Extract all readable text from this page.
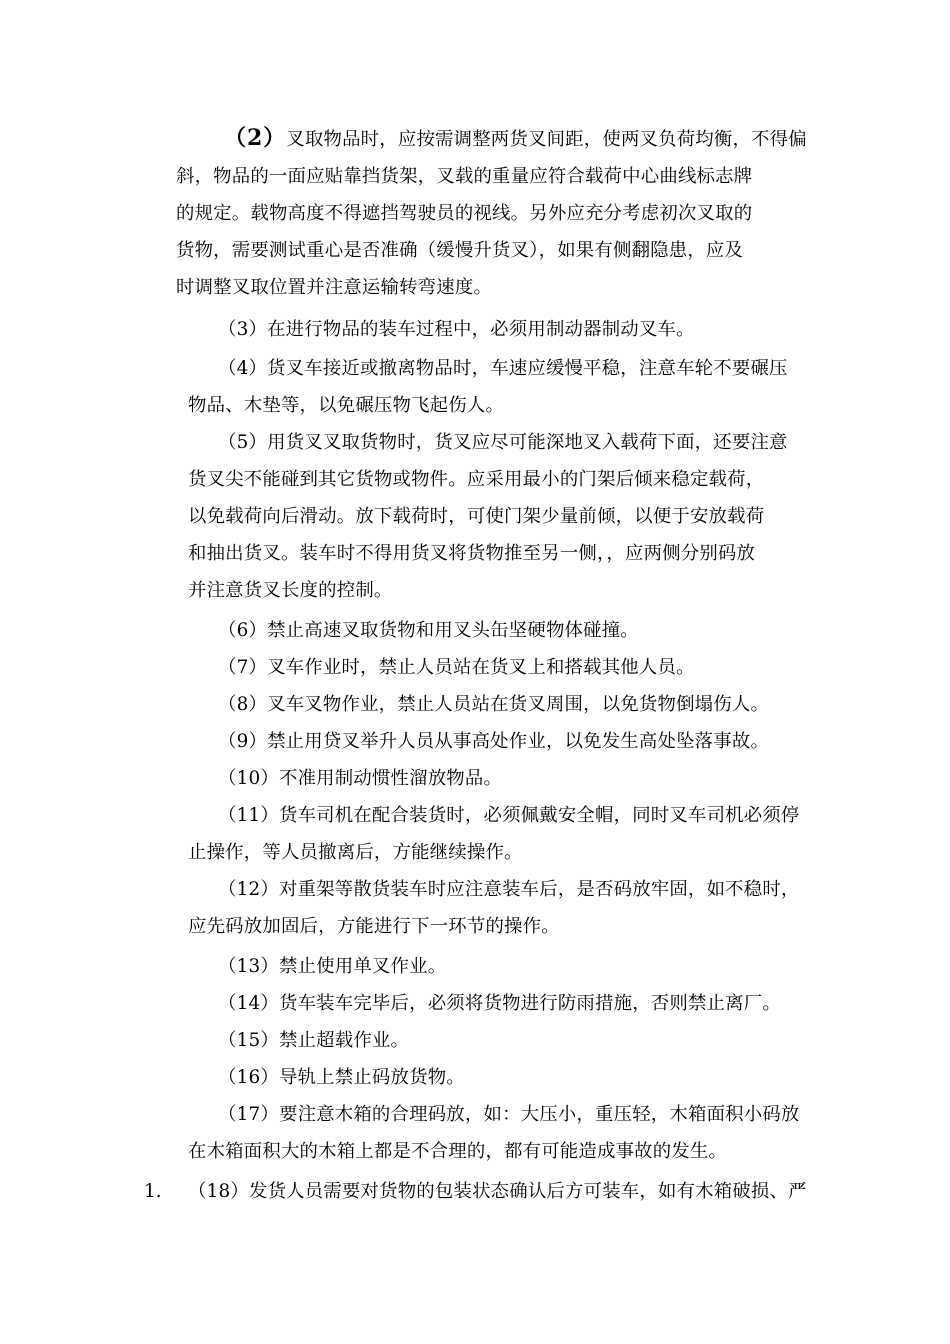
（2）叉取物品时，应按需调整两货叉间距，使两叉负荷均衡，不得偏
斜，物品的一面应贴靠挡货架，叉载的重量应符合载荷中心曲线标志牌
的规定。载物高度不得遮挡驾驶员的视线。另外应充分考虑初次叉取的
货物，需要测试重心是否准确（缓慢升货叉），如果有侧翻隐患，应及
时调整叉取位置并注意运输转弯速度。
（3）在进行物品的装车过程中，必须用制动器制动叉车。
（4）货叉车接近或撤离物品时，车速应缓慢平稳，注意车轮不要碾压
物品、木垫等，以免碾压物飞起伤人。
（5）用货叉叉取货物时，货叉应尽可能深地叉入载荷下面，还要注意
货叉尖不能碰到其它货物或物件。应采用最小的门架后倾来稳定载荷，
以免载荷向后滑动。放下载荷时，可使门架少量前倾，以便于安放载荷
和抽出货叉。装车时不得用货叉将货物推至另一侧，，应两侧分别码放
并注意货叉长度的控制。
（6）禁止高速叉取货物和用叉头缶坚硬物体碰撞。
（7）叉车作业时，禁止人员站在货叉上和搭载其他人员。
（8）叉车叉物作业，禁止人员站在货叉周围，以免货物倒塌伤人。
（9）禁止用贷叉举升人员从事高处作业，以免发生高处坠落事故。
（10）不准用制动惯性溜放物品。
（11）货车司机在配合装货时，必须佩戴安全帽，同时叉车司机必须停
止操作，等人员撤离后，方能继续操作。
（12）对重架等散货装车时应注意装车后，是否码放牢固，如不稳时，
应先码放加固后，方能进行下一环节的操作。
（13）禁止使用单叉作业。
（14）货车装车完毕后，必须将货物进行防雨措施，否则禁止离厂。
（15）禁止超载作业。
（16）导轨上禁止码放货物。
（17）要注意木箱的合理码放，如：大压小，重压轻，木箱面积小码放
在木箱面积大的木箱上都是不合理的，都有可能造成事故的发生。
1. （18）发货人员需要对货物的包装状态确认后方可装车，如有木箱破损、严
